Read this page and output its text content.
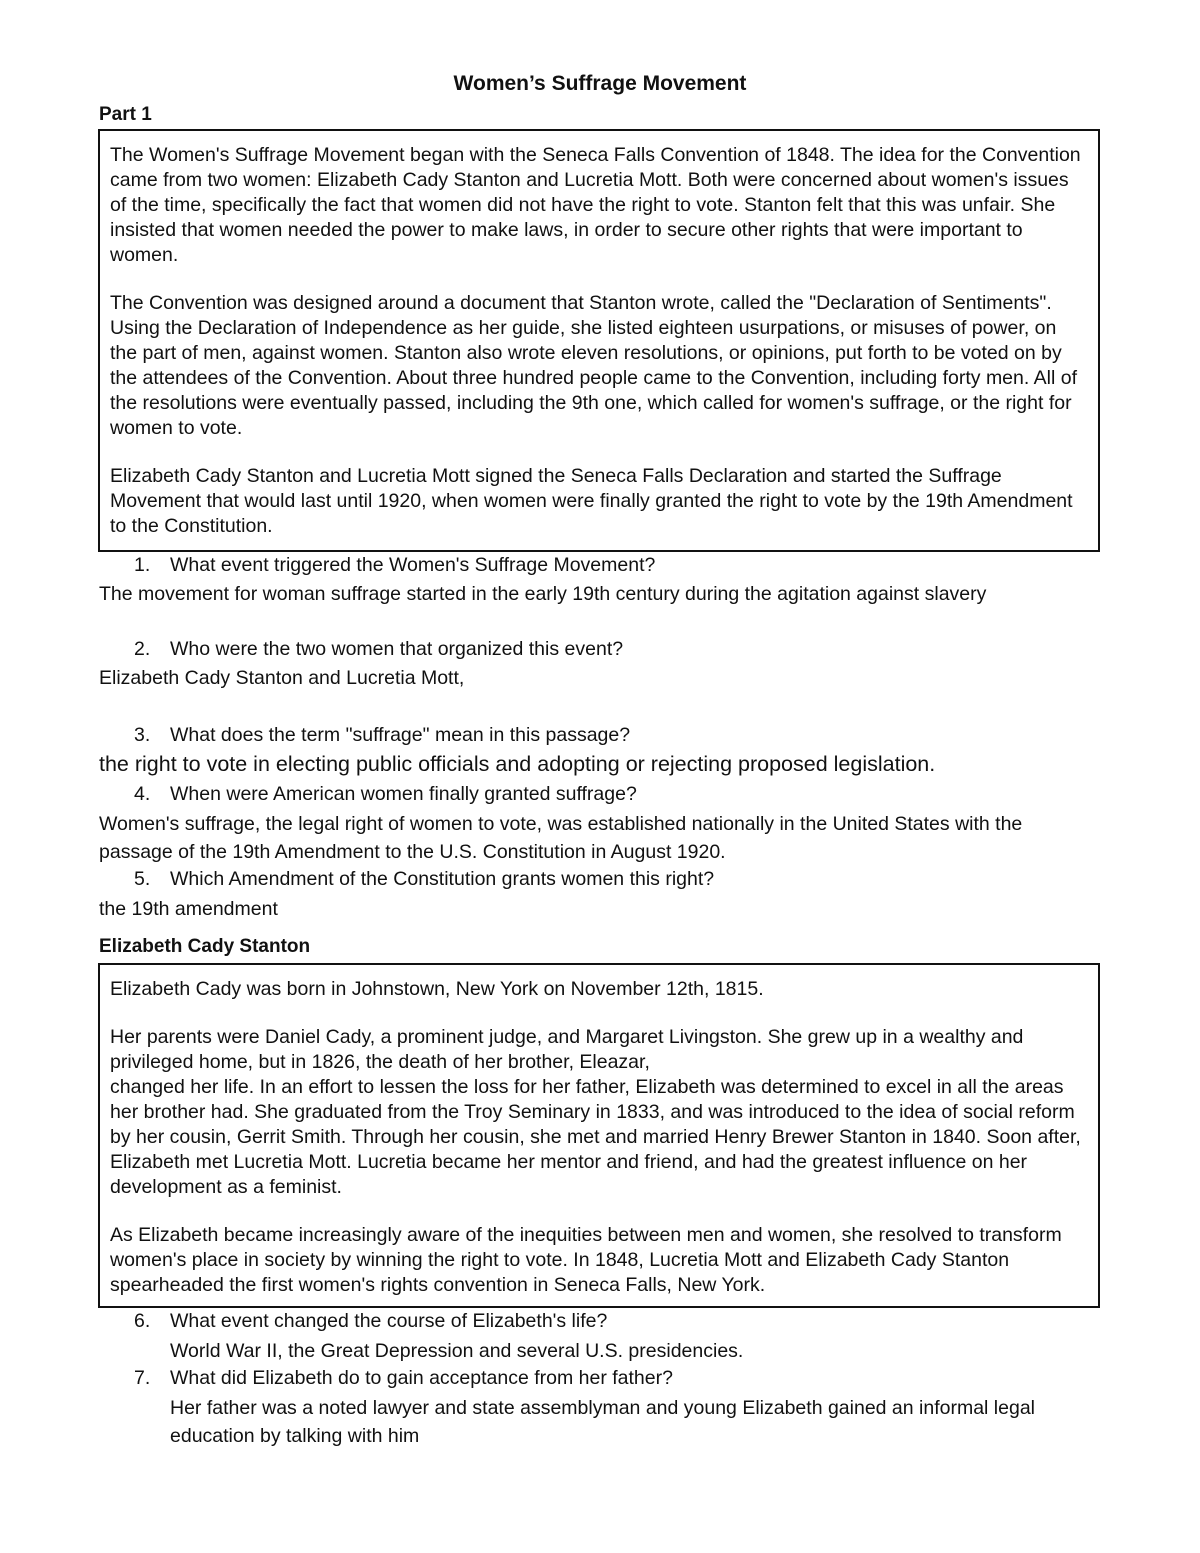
Women’s Suffrage Movement
Part 1

The Women's Suffrage Movement began with the Seneca Falls Convention of 1848. The idea for the Convention came from two women: Elizabeth Cady Stanton and Lucretia Mott. Both were concerned about women's issues of the time, specifically the fact that women did not have the right to vote. Stanton felt that this was unfair. She insisted that women needed the power to make laws, in order to secure other rights that were important to women.

The Convention was designed around a document that Stanton wrote, called the "Declaration of Sentiments". Using the Declaration of Independence as her guide, she listed eighteen usurpations, or misuses of power, on the part of men, against women. Stanton also wrote eleven resolutions, or opinions, put forth to be voted on by the attendees of the Convention. About three hundred people came to the Convention, including forty men. All of the resolutions were eventually passed, including the 9th one, which called for women's suffrage, or the right for women to vote.

Elizabeth Cady Stanton and Lucretia Mott signed the Seneca Falls Declaration and started the Suffrage Movement that would last until 1920, when women were finally granted the right to vote by the 19th Amendment to the Constitution.

1. What event triggered the Women's Suffrage Movement?
The movement for woman suffrage started in the early 19th century during the agitation against slavery
2. Who were the two women that organized this event?
Elizabeth Cady Stanton and Lucretia Mott,
3. What does the term "suffrage" mean in this passage?
the right to vote in electing public officials and adopting or rejecting proposed legislation.
4. When were American women finally granted suffrage?
Women's suffrage, the legal right of women to vote, was established nationally in the United States with the passage of the 19th Amendment to the U.S. Constitution in August 1920.
5. Which Amendment of the Constitution grants women this right?
the 19th amendment
Elizabeth Cady Stanton

Elizabeth Cady was born in Johnstown, New York on November 12th, 1815.

Her parents were Daniel Cady, a prominent judge, and Margaret Livingston. She grew up in a wealthy and privileged home, but in 1826, the death of her brother, Eleazar,

changed her life. In an effort to lessen the loss for her father, Elizabeth was determined to excel in all the areas her brother had. She graduated from the Troy Seminary in 1833, and was introduced to the idea of social reform by her cousin, Gerrit Smith. Through her cousin, she met and married Henry Brewer Stanton in 1840. Soon after, Elizabeth met Lucretia Mott. Lucretia became her mentor and friend, and had the greatest influence on her development as a feminist.

As Elizabeth became increasingly aware of the inequities between men and women, she resolved to transform women's place in society by winning the right to vote. In 1848, Lucretia Mott and Elizabeth Cady Stanton spearheaded the first women's rights convention in Seneca Falls, New York.

6. What event changed the course of Elizabeth's life?
World War II, the Great Depression and several U.S. presidencies.
7. What did Elizabeth do to gain acceptance from her father?
Her father was a noted lawyer and state assemblyman and young Elizabeth gained an informal legal education by talking with him
